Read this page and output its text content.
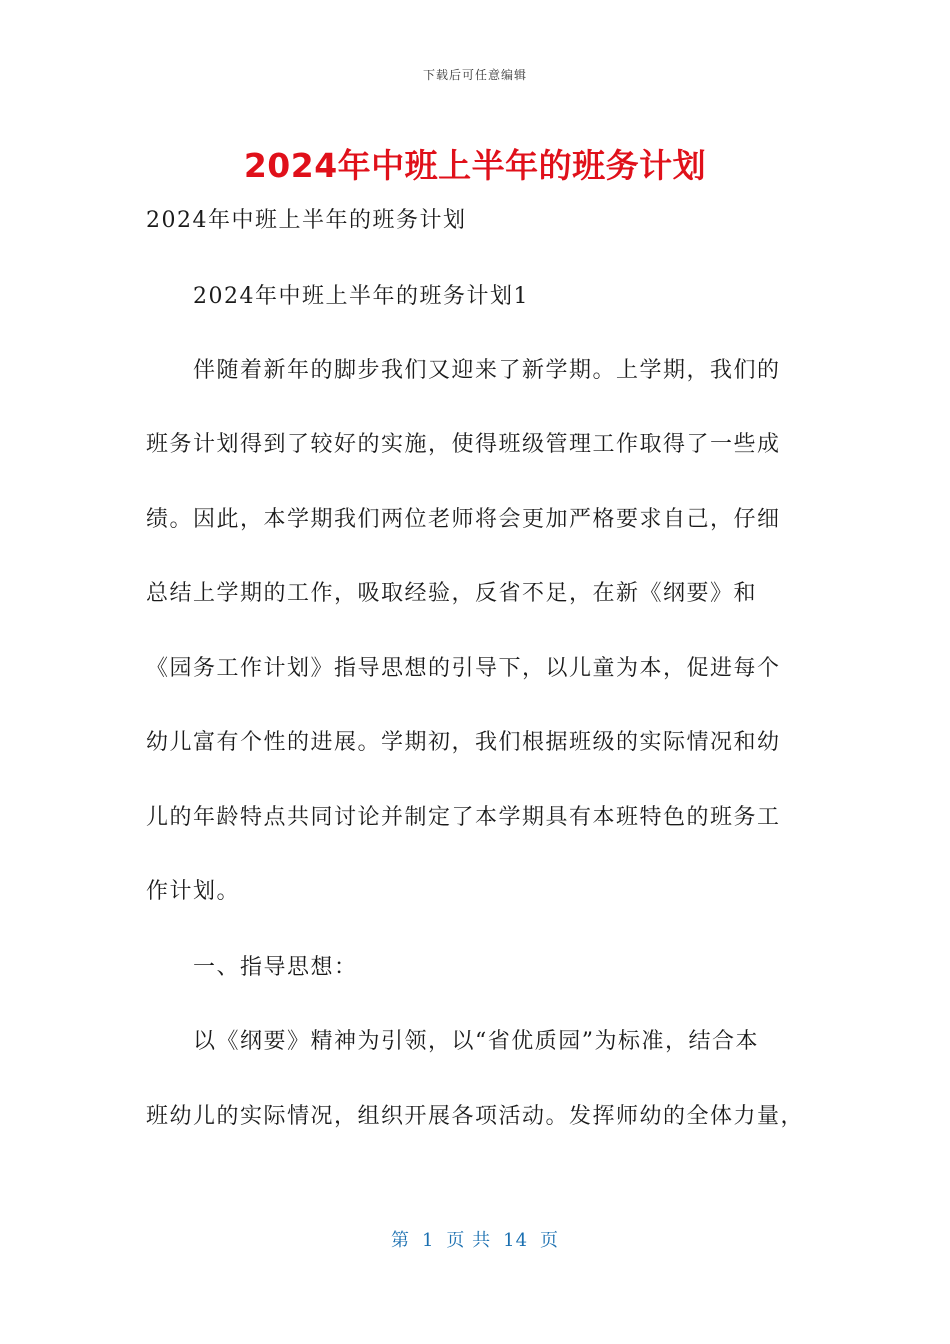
下载后可任意编辑
2024年中班上半年的班务计划
2024年中班上半年的班务计划
2024年中班上半年的班务计划1
伴随着新年的脚步我们又迎来了新学期。上学期，我们的
班务计划得到了较好的实施，使得班级管理工作取得了一些成
绩。因此，本学期我们两位老师将会更加严格要求自己，仔细
总结上学期的工作，吸取经验，反省不足，在新《纲要》和
《园务工作计划》指导思想的引导下，以儿童为本，促进每个
幼儿富有个性的进展。学期初，我们根据班级的实际情况和幼
儿的年龄特点共同讨论并制定了本学期具有本班特色的班务工
作计划。
一、指导思想：
以《纲要》精神为引领，以“省优质园”为标准，结合本
班幼儿的实际情况，组织开展各项活动。发挥师幼的全体力量，
第 1 页 共 14 页
